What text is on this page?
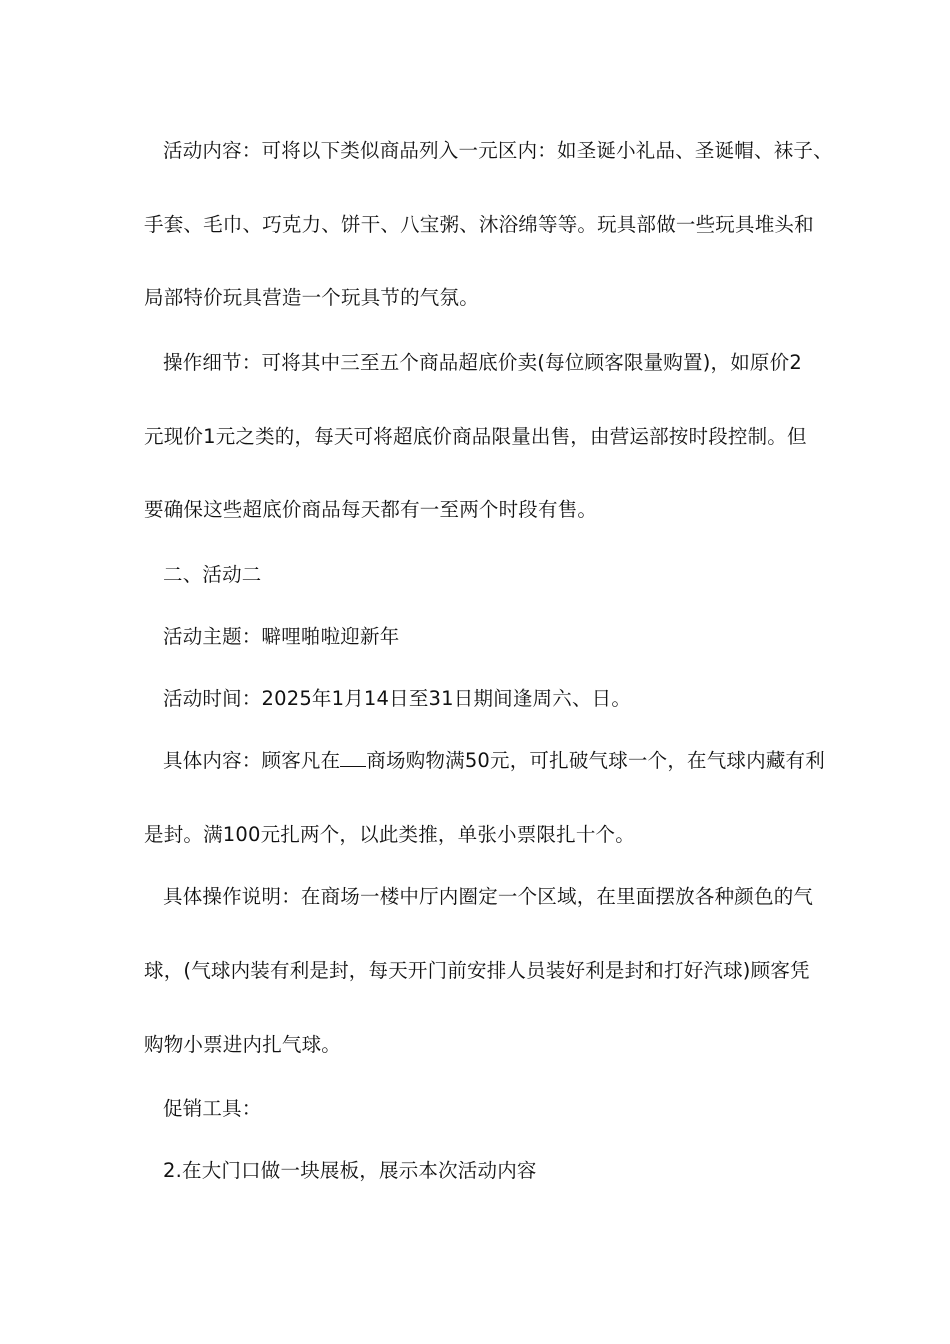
活动内容：可将以下类似商品列入一元区内：如圣诞小礼品、圣诞帽、袜子、
手套、毛巾、巧克力、饼干、八宝粥、沐浴绵等等。玩具部做一些玩具堆头和
局部特价玩具营造一个玩具节的气氛。
操作细节：可将其中三至五个商品超底价卖(每位顾客限量购置)，如原价2
元现价1元之类的，每天可将超底价商品限量出售，由营运部按时段控制。但
要确保这些超底价商品每天都有一至两个时段有售。
二、活动二
活动主题：噼哩啪啦迎新年
活动时间：2025年1月14日至31日期间逢周六、日。
具体内容：顾客凡在 商场购物满50元，可扎破气球一个，在气球内藏有利
是封。满100元扎两个，以此类推，单张小票限扎十个。
具体操作说明：在商场一楼中厅内圈定一个区域，在里面摆放各种颜色的气
球，(气球内装有利是封，每天开门前安排人员装好利是封和打好汽球)顾客凭
购物小票进内扎气球。
促销工具：
2.在大门口做一块展板，展示本次活动内容
